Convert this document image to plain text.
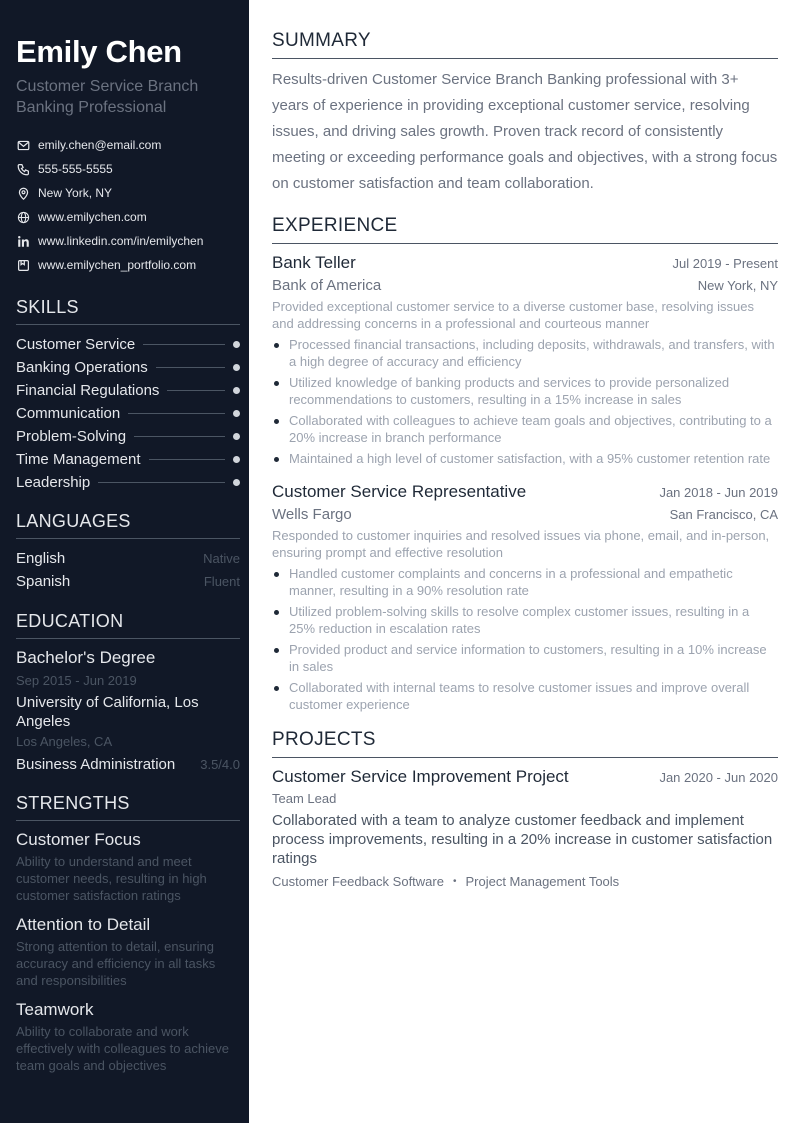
Emily Chen
Customer Service Branch Banking Professional
emily.chen@email.com
555-555-5555
New York, NY
www.emilychen.com
www.linkedin.com/in/emilychen
www.emilychen_portfolio.com
SKILLS
Customer Service
Banking Operations
Financial Regulations
Communication
Problem-Solving
Time Management
Leadership
LANGUAGES
English	Native
Spanish	Fluent
EDUCATION
Bachelor's Degree
Sep 2015 - Jun 2019
University of California, Los Angeles
Los Angeles, CA
Business Administration 3.5/4.0
STRENGTHS
Customer Focus
Ability to understand and meet customer needs, resulting in high customer satisfaction ratings
Attention to Detail
Strong attention to detail, ensuring accuracy and efficiency in all tasks and responsibilities
Teamwork
Ability to collaborate and work effectively with colleagues to achieve team goals and objectives
SUMMARY

Results-driven Customer Service Branch Banking professional with 3+ years of experience in providing exceptional customer service, resolving issues, and driving sales growth. Proven track record of consistently meeting or exceeding performance goals and objectives, with a strong focus on customer satisfaction and team collaboration.

EXPERIENCE
Bank Teller	Jul 2019 - Present
Bank of America	New York, NY
Provided exceptional customer service to a diverse customer base, resolving issues and addressing concerns in a professional and courteous manner
Processed financial transactions, including deposits, withdrawals, and transfers, with a high degree of accuracy and efficiency
Utilized knowledge of banking products and services to provide personalized recommendations to customers, resulting in a 15% increase in sales
Collaborated with colleagues to achieve team goals and objectives, contributing to a 20% increase in branch performance
Maintained a high level of customer satisfaction, with a 95% customer retention rate
Customer Service Representative	Jan 2018 - Jun 2019
Wells Fargo	San Francisco, CA
Responded to customer inquiries and resolved issues via phone, email, and in-person, ensuring prompt and effective resolution
Handled customer complaints and concerns in a professional and empathetic manner, resulting in a 90% resolution rate
Utilized problem-solving skills to resolve complex customer issues, resulting in a 25% reduction in escalation rates
Provided product and service information to customers, resulting in a 10% increase in sales
Collaborated with internal teams to resolve customer issues and improve overall customer experience
PROJECTS
Customer Service Improvement Project	Jan 2020 - Jun 2020
Team Lead
Collaborated with a team to analyze customer feedback and implement process improvements, resulting in a 20% increase in customer satisfaction ratings
Customer Feedback Software • Project Management Tools
